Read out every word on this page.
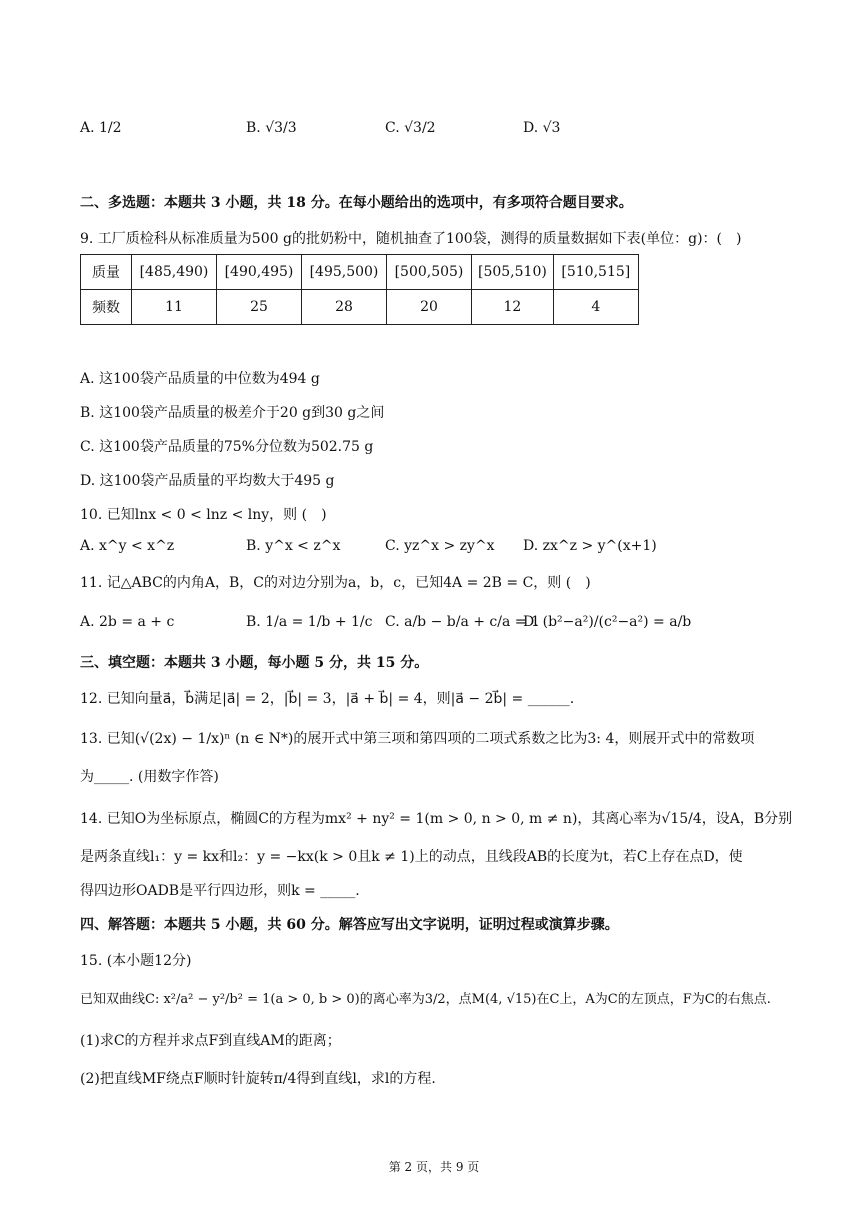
A. 1/2	B. √3/3	C. √3/2	D. √3
二、多选题：本题共 3 小题，共 18 分。在每小题给出的选项中，有多项符合题目要求。
9. 工厂质检科从标准质量为500 g的批奶粉中，随机抽查了100袋，测得的质量数据如下表(单位：g)：(　)
质量	[485,490)	[490,495)	[495,500)	[500,505)	[505,510)	[510,515]
频数	11	25	28	20	12	4
A. 这100袋产品质量的中位数为494 g
B. 这100袋产品质量的极差介于20 g到30 g之间
C. 这100袋产品质量的75%分位数为502.75 g
D. 这100袋产品质量的平均数大于495 g
10. 已知lnx < 0 < lnz < lny，则 (　)
A. x^y < x^z	B. y^x < z^x	C. yz^x > zy^x D. zx^z > y^(x+1)
11. 记△ABC的内角A，B，C的对边分别为a，b，c，已知4A = 2B = C，则 (　)
A. 2b = a + c	B. 1/a = 1/b + 1/c C. a/b − b/a + c/a = 1
D. (b²−a²)/(c²−a²) = a/b
三、填空题：本题共 3 小题，每小题 5 分，共 15 分。
12. 已知向量a⃗，b⃗满足|a⃗| = 2，|b⃗| = 3，|a⃗ + b⃗| = 4，则|a⃗ − 2b⃗| = ______.
13. 已知(√(2x) − 1/x)ⁿ (n ∈ N*)的展开式中第三项和第四项的二项式系数之比为3: 4，则展开式中的常数项
为_____. (用数字作答)
14. 已知O为坐标原点，椭圆C的方程为mx² + ny² = 1(m > 0, n > 0, m ≠ n)，其离心率为√15/4，设A，B分别
是两条直线l₁：y = kx和l₂：y = −kx(k > 0且k ≠ 1)上的动点，且线段AB的长度为t，若C上存在点D，使
得四边形OADB是平行四边形，则k = _____.
四、解答题：本题共 5 小题，共 60 分。解答应写出文字说明，证明过程或演算步骤。
15. (本小题12分)
已知双曲线C: x²/a² − y²/b² = 1(a > 0, b > 0)的离心率为3/2，点M(4, √15)在C上，A为C的左顶点，F为C的右焦点.
(1)求C的方程并求点F到直线AM的距离；
(2)把直线MF绕点F顺时针旋转π/4得到直线l，求l的方程.
第 2 页，共 9 页
